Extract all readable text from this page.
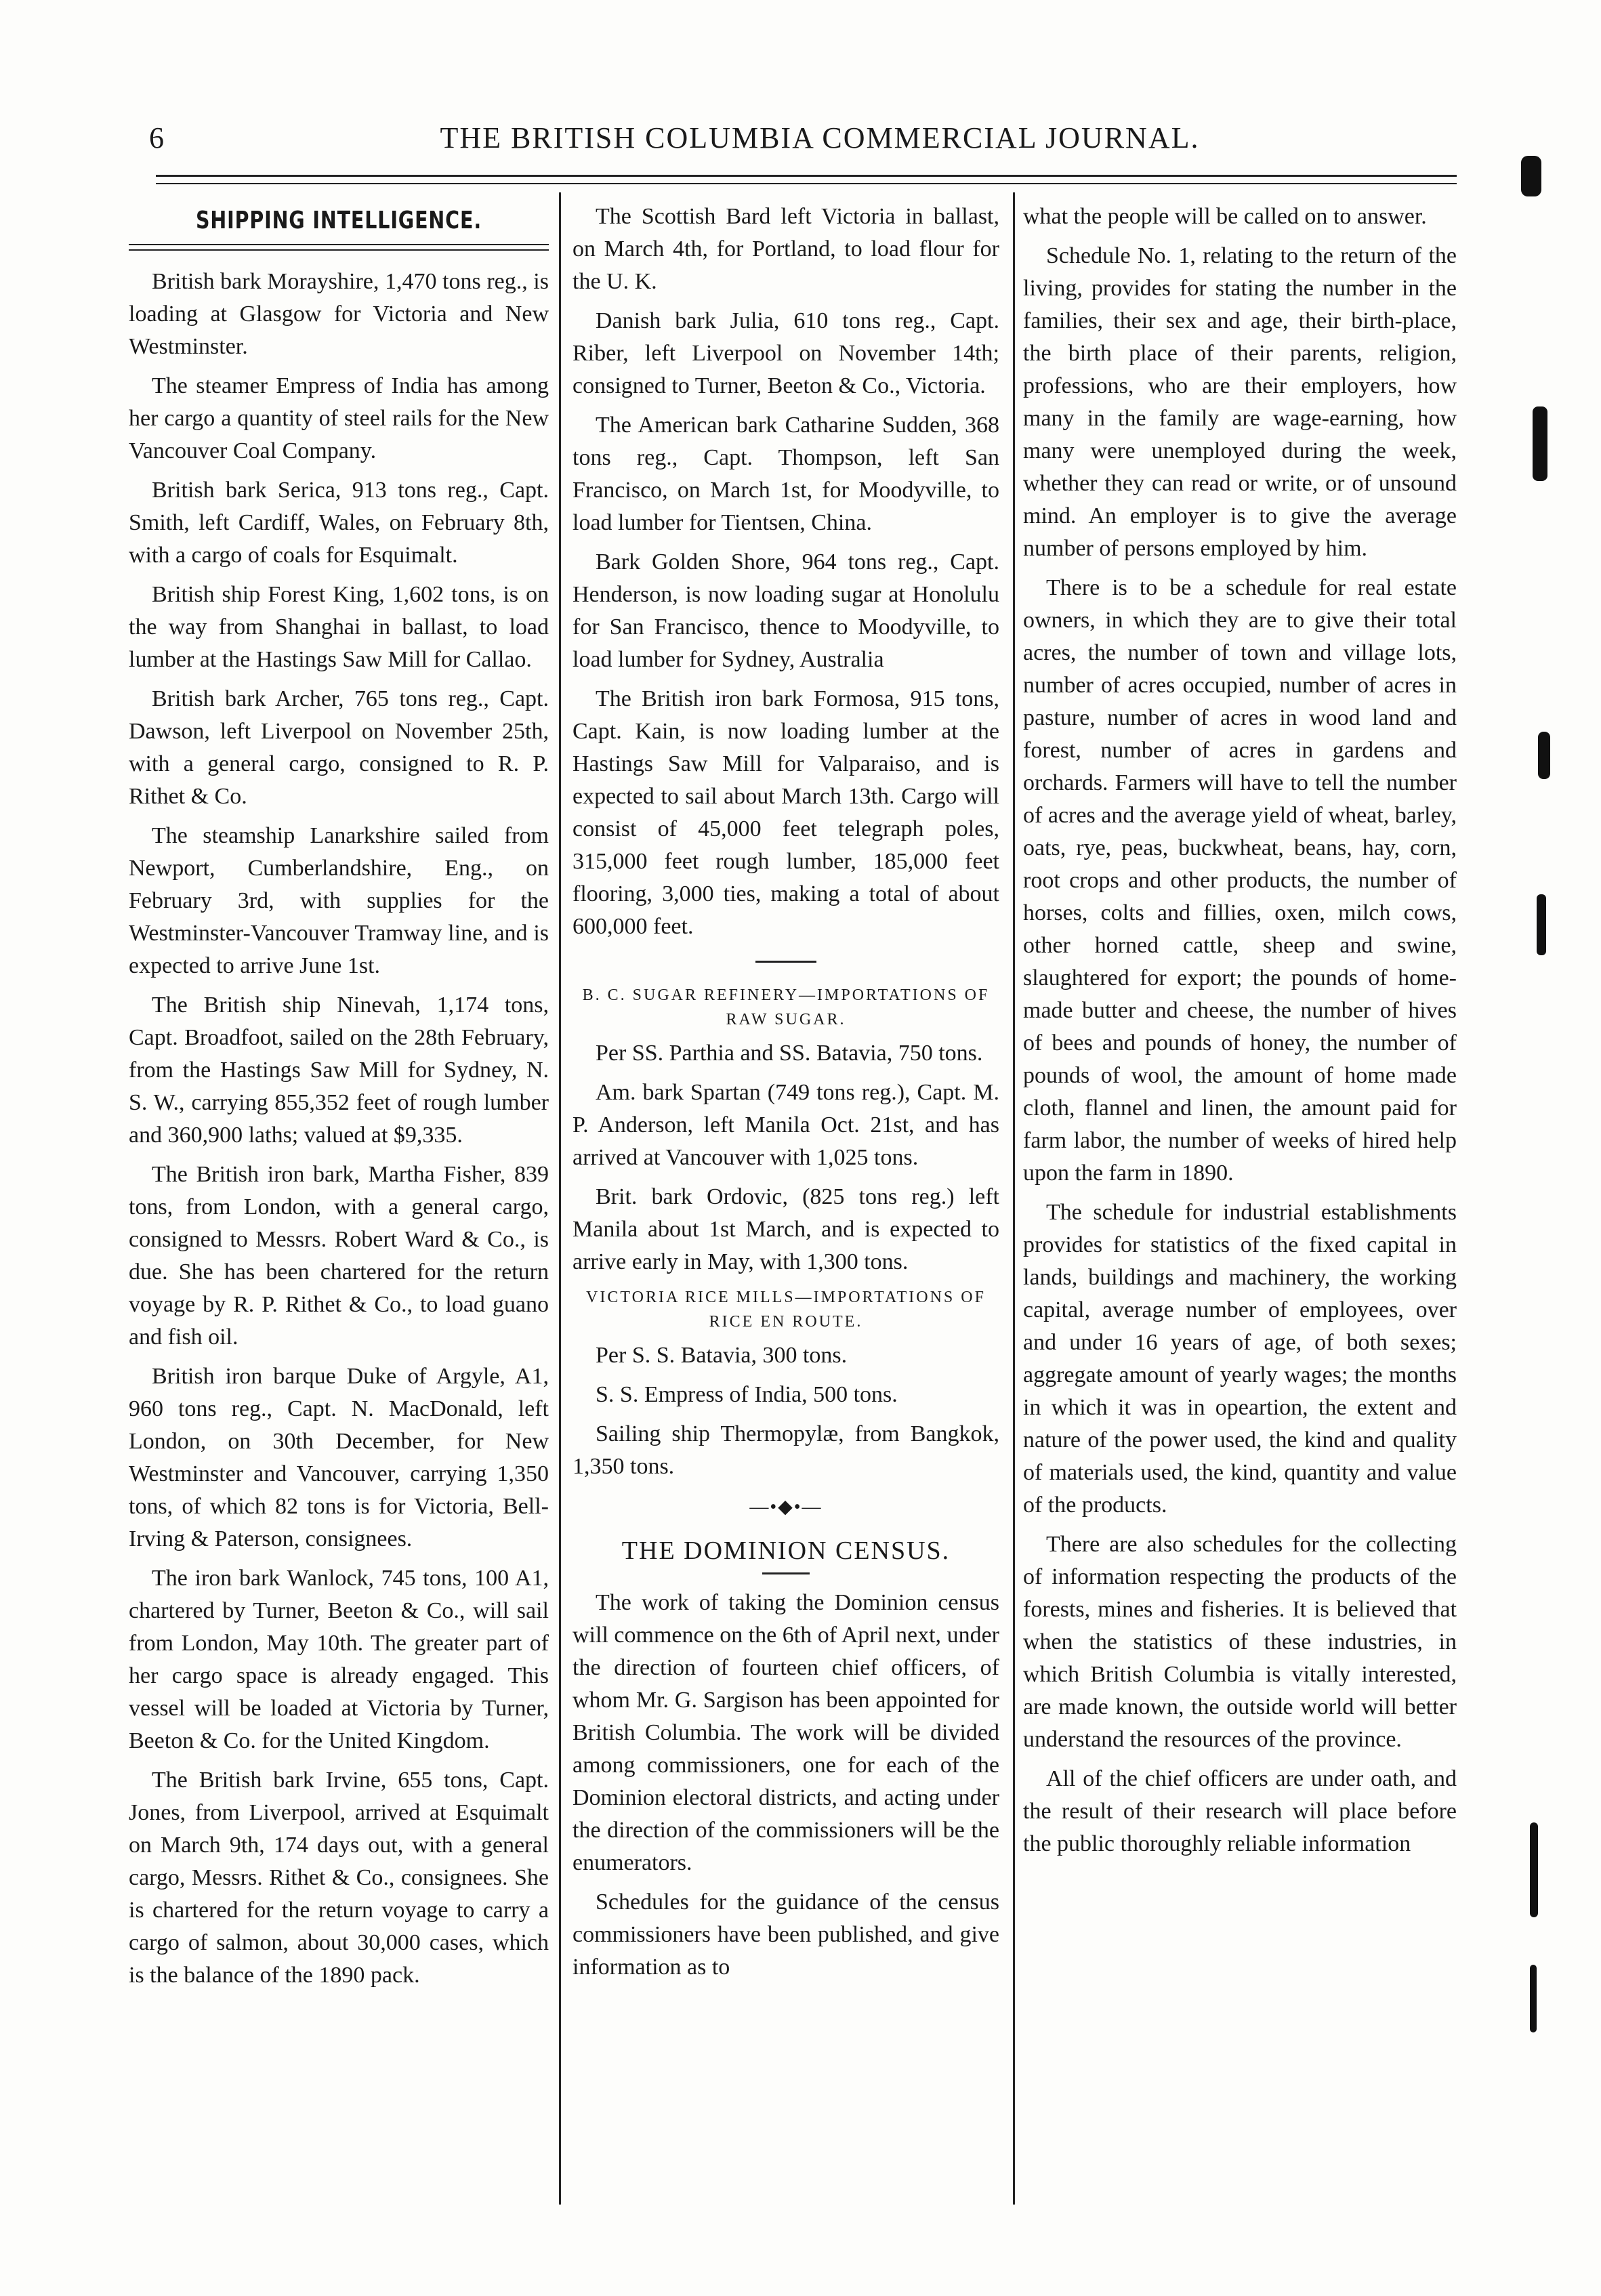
6	THE BRITISH COLUMBIA COMMERCIAL JOURNAL.
SHIPPING INTELLIGENCE.

British bark Morayshire, 1,470 tons reg., is loading at Glasgow for Victoria and New Westminster.

The steamer Empress of India has among her cargo a quantity of steel rails for the New Vancouver Coal Company.

British bark Serica, 913 tons reg., Capt. Smith, left Cardiff, Wales, on February 8th, with a cargo of coals for Esquimalt.

British ship Forest King, 1,602 tons, is on the way from Shanghai in ballast, to load lumber at the Hastings Saw Mill for Callao.

British bark Archer, 765 tons reg., Capt. Dawson, left Liverpool on November 25th, with a general cargo, consigned to R. P. Rithet & Co.

The steamship Lanarkshire sailed from Newport, Cumberlandshire, Eng., on February 3rd, with supplies for the Westminster-Vancouver Tramway line, and is expected to arrive June 1st.

The British ship Ninevah, 1,174 tons, Capt. Broadfoot, sailed on the 28th February, from the Hastings Saw Mill for Sydney, N. S. W., carrying 855,352 feet of rough lumber and 360,900 laths; valued at $9,335.

The British iron bark, Martha Fisher, 839 tons, from London, with a general cargo, consigned to Messrs. Robert Ward & Co., is due. She has been chartered for the return voyage by R. P. Rithet & Co., to load guano and fish oil.

British iron barque Duke of Argyle, A1, 960 tons reg., Capt. N. MacDonald, left London, on 30th December, for New Westminster and Vancouver, carrying 1,350 tons, of which 82 tons is for Victoria, Bell-Irving & Paterson, consignees.

The iron bark Wanlock, 745 tons, 100 A1, chartered by Turner, Beeton & Co., will sail from London, May 10th. The greater part of her cargo space is already engaged. This vessel will be loaded at Victoria by Turner, Beeton & Co. for the United Kingdom.

The British bark Irvine, 655 tons, Capt. Jones, from Liverpool, arrived at Esquimalt on March 9th, 174 days out, with a general cargo, Messrs. Rithet & Co., consignees. She is chartered for the return voyage to carry a cargo of salmon, about 30,000 cases, which is the balance of the 1890 pack.

The Scottish Bard left Victoria in ballast, on March 4th, for Portland, to load flour for the U. K.

Danish bark Julia, 610 tons reg., Capt. Riber, left Liverpool on November 14th; consigned to Turner, Beeton & Co., Victoria.

The American bark Catharine Sudden, 368 tons reg., Capt. Thompson, left San Francisco, on March 1st, for Moodyville, to load lumber for Tientsen, China.

Bark Golden Shore, 964 tons reg., Capt. Henderson, is now loading sugar at Honolulu for San Francisco, thence to Moodyville, to load lumber for Sydney, Australia

The British iron bark Formosa, 915 tons, Capt. Kain, is now loading lumber at the Hastings Saw Mill for Valparaiso, and is expected to sail about March 13th. Cargo will consist of 45,000 feet telegraph poles, 315,000 feet rough lumber, 185,000 feet flooring, 3,000 ties, making a total of about 600,000 feet.

B. C. SUGAR REFINERY—IMPORTATIONS OF RAW SUGAR.

Per SS. Parthia and SS. Batavia, 750 tons.

Am. bark Spartan (749 tons reg.), Capt. M. P. Anderson, left Manila Oct. 21st, and has arrived at Vancouver with 1,025 tons.

Brit. bark Ordovic, (825 tons reg.) left Manila about 1st March, and is expected to arrive early in May, with 1,300 tons.

VICTORIA RICE MILLS—IMPORTATIONS OF RICE EN ROUTE.

Per S. S. Batavia, 300 tons.

S. S. Empress of India, 500 tons.

Sailing ship Thermopylæ, from Bangkok, 1,350 tons.

—•◆•—
THE DOMINION CENSUS.

The work of taking the Dominion census will commence on the 6th of April next, under the direction of fourteen chief officers, of whom Mr. G. Sargison has been appointed for British Columbia. The work will be divided among commissioners, one for each of the Dominion electoral districts, and acting under the direction of the commissioners will be the enumerators.

Schedules for the guidance of the census commissioners have been published, and give information as to

what the people will be called on to answer.

Schedule No. 1, relating to the return of the living, provides for stating the number in the families, their sex and age, their birth-place, the birth place of their parents, religion, professions, who are their employers, how many in the family are wage-earning, how many were unemployed during the week, whether they can read or write, or of unsound mind. An employer is to give the average number of persons employed by him.

There is to be a schedule for real estate owners, in which they are to give their total acres, the number of town and village lots, number of acres occupied, number of acres in pasture, number of acres in wood land and forest, number of acres in gardens and orchards. Farmers will have to tell the number of acres and the average yield of wheat, barley, oats, rye, peas, buckwheat, beans, hay, corn, root crops and other products, the number of horses, colts and fillies, oxen, milch cows, other horned cattle, sheep and swine, slaughtered for export; the pounds of home-made butter and cheese, the number of hives of bees and pounds of honey, the number of pounds of wool, the amount of home made cloth, flannel and linen, the amount paid for farm labor, the number of weeks of hired help upon the farm in 1890.

The schedule for industrial establishments provides for statistics of the fixed capital in lands, buildings and machinery, the working capital, average number of employees, over and under 16 years of age, of both sexes; aggregate amount of yearly wages; the months in which it was in opeartion, the extent and nature of the power used, the kind and quality of materials used, the kind, quantity and value of the products.

There are also schedules for the collecting of information respecting the products of the forests, mines and fisheries. It is believed that when the statistics of these industries, in which British Columbia is vitally interested, are made known, the outside world will better understand the resources of the province.

All of the chief officers are under oath, and the result of their research will place before the public thoroughly reliable information
